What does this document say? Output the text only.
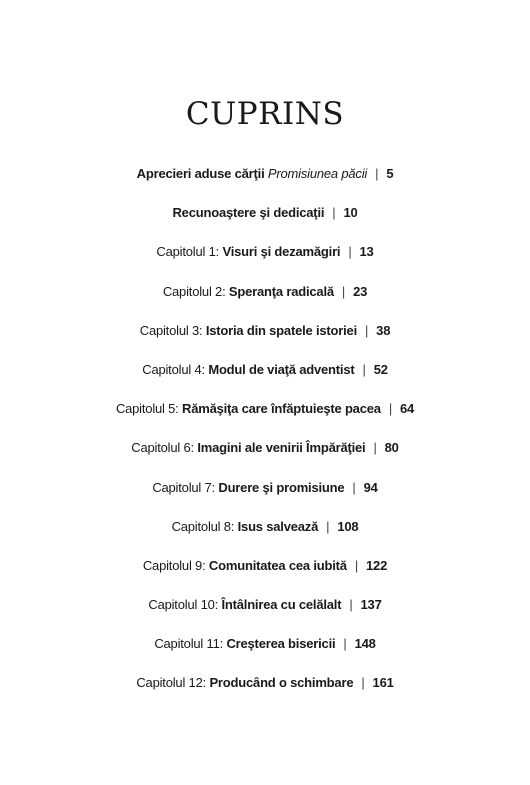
CUPRINS
Aprecieri aduse cărţii Promisiunea păcii | 5
Recunoaştere şi dedicaţii | 10
Capitolul 1: Visuri şi dezamăgiri | 13
Capitolul 2: Speranţa radicală | 23
Capitolul 3: Istoria din spatele istoriei | 38
Capitolul 4: Modul de viaţă adventist | 52
Capitolul 5: Rămăşiţa care înfăptuieşte pacea | 64
Capitolul 6: Imagini ale venirii Împărăţiei | 80
Capitolul 7: Durere şi promisiune | 94
Capitolul 8: Isus salvează | 108
Capitolul 9: Comunitatea cea iubită | 122
Capitolul 10: Întâlnirea cu celălalt | 137
Capitolul 11: Creşterea bisericii | 148
Capitolul 12: Producând o schimbare | 161
